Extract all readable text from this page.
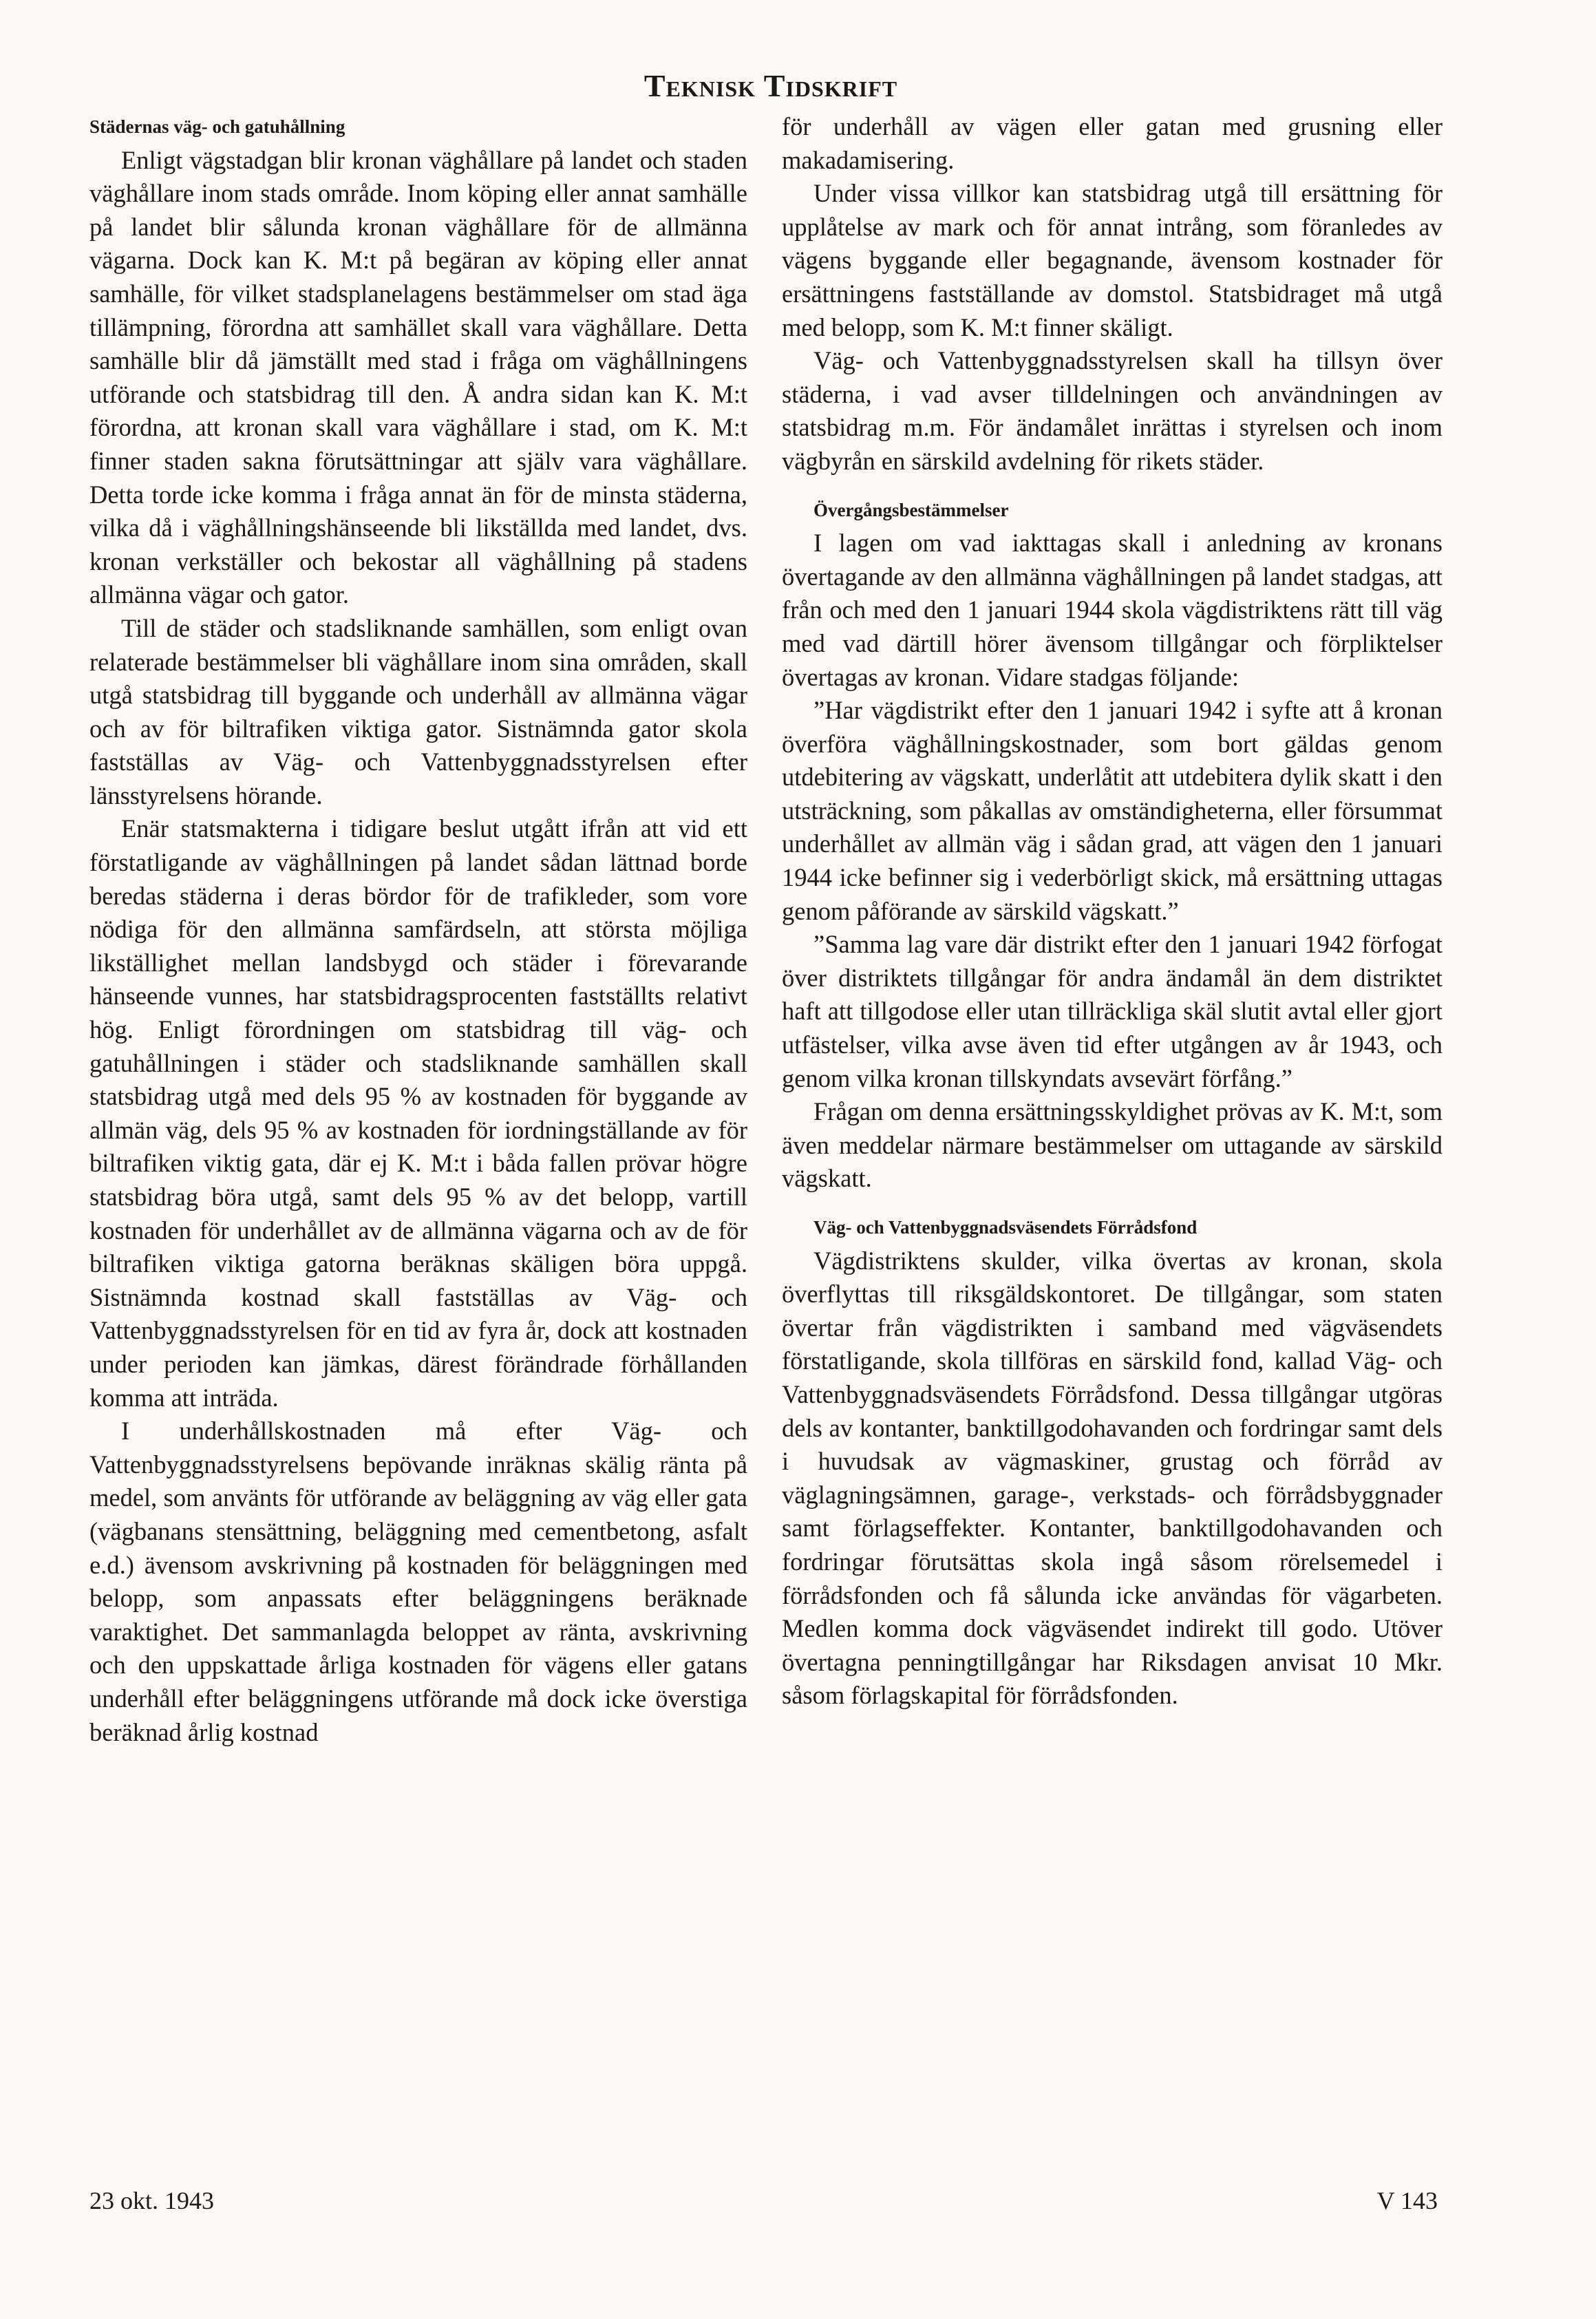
Teknisk Tidskrift
Städernas väg- och gatuhållning

Enligt vägstadgan blir kronan väghållare på landet och staden väghållare inom stads område. Inom köping eller annat samhälle på landet blir sålunda kronan väghållare för de allmänna vägarna. Dock kan K. M:t på begäran av köping eller annat samhälle, för vilket stadsplanelagens bestämmelser om stad äga tillämpning, förordna att samhället skall vara väghållare. Detta samhälle blir då jämställt med stad i fråga om väghållningens utförande och statsbidrag till den. Å andra sidan kan K. M:t förordna, att kronan skall vara väghållare i stad, om K. M:t finner staden sakna förutsättningar att själv vara väghållare. Detta torde icke komma i fråga annat än för de minsta städerna, vilka då i väghållningshänseende bli likställda med landet, dvs. kronan verkställer och bekostar all väghållning på stadens allmänna vägar och gator.

Till de städer och stadsliknande samhällen, som enligt ovan relaterade bestämmelser bli väghållare inom sina områden, skall utgå statsbidrag till byggande och underhåll av allmänna vägar och av för biltrafiken viktiga gator. Sistnämnda gator skola fastställas av Väg- och Vattenbyggnadsstyrelsen efter länsstyrelsens hörande.

Enär statsmakterna i tidigare beslut utgått ifrån att vid ett förstatligande av väghållningen på landet sådan lättnad borde beredas städerna i deras bördor för de trafikleder, som vore nödiga för den allmänna samfärdseln, att största möjliga likställighet mellan landsbygd och städer i förevarande hänseende vunnes, har statsbidragsprocenten fastställts relativt hög. Enligt förordningen om statsbidrag till väg- och gatuhållningen i städer och stadsliknande samhällen skall statsbidrag utgå med dels 95 % av kostnaden för byggande av allmän väg, dels 95 % av kostnaden för iordningställande av för biltrafiken viktig gata, där ej K. M:t i båda fallen prövar högre statsbidrag böra utgå, samt dels 95 % av det belopp, vartill kostnaden för underhållet av de allmänna vägarna och av de för biltrafiken viktiga gatorna beräknas skäligen böra uppgå. Sistnämnda kostnad skall fastställas av Väg- och Vattenbyggnadsstyrelsen för en tid av fyra år, dock att kostnaden under perioden kan jämkas, därest förändrade förhållanden komma att inträda.

I underhållskostnaden må efter Väg- och Vattenbyggnadsstyrelsens bepövande inräknas skälig ränta på medel, som använts för utförande av beläggning av väg eller gata (vägbanans stensättning, beläggning med cementbetong, asfalt e.d.) ävensom avskrivning på kostnaden för beläggningen med belopp, som anpassats efter beläggningens beräknade varaktighet. Det sammanlagda beloppet av ränta, avskrivning och den uppskattade årliga kostnaden för vägens eller gatans underhåll efter beläggningens utförande må dock icke överstiga beräknad årlig kostnad

för underhåll av vägen eller gatan med grusning eller makadamisering.

Under vissa villkor kan statsbidrag utgå till ersättning för upplåtelse av mark och för annat intrång, som föranledes av vägens byggande eller begagnande, ävensom kostnader för ersättningens fastställande av domstol. Statsbidraget må utgå med belopp, som K. M:t finner skäligt.

Väg- och Vattenbyggnadsstyrelsen skall ha tillsyn över städerna, i vad avser tilldelningen och användningen av statsbidrag m.m. För ändamålet inrättas i styrelsen och inom vägbyrån en särskild avdelning för rikets städer.

Övergångsbestämmelser

I lagen om vad iakttagas skall i anledning av kronans övertagande av den allmänna väghållningen på landet stadgas, att från och med den 1 januari 1944 skola vägdistriktens rätt till väg med vad därtill hörer ävensom tillgångar och förpliktelser övertagas av kronan. Vidare stadgas följande:

”Har vägdistrikt efter den 1 januari 1942 i syfte att å kronan överföra väghållningskostnader, som bort gäldas genom utdebitering av vägskatt, underlåtit att utdebitera dylik skatt i den utsträckning, som påkallas av omständigheterna, eller försummat underhållet av allmän väg i sådan grad, att vägen den 1 januari 1944 icke befinner sig i vederbörligt skick, må ersättning uttagas genom påförande av särskild vägskatt.”

”Samma lag vare där distrikt efter den 1 januari 1942 förfogat över distriktets tillgångar för andra ändamål än dem distriktet haft att tillgodose eller utan tillräckliga skäl slutit avtal eller gjort utfästelser, vilka avse även tid efter utgången av år 1943, och genom vilka kronan tillskyndats avsevärt förfång.”

Frågan om denna ersättningsskyldighet prövas av K. M:t, som även meddelar närmare bestämmelser om uttagande av särskild vägskatt.

Väg- och Vattenbyggnadsväsendets Förrådsfond

Vägdistriktens skulder, vilka övertas av kronan, skola överflyttas till riksgäldskontoret. De tillgångar, som staten övertar från vägdistrikten i samband med vägväsendets förstatligande, skola tillföras en särskild fond, kallad Väg- och Vattenbyggnadsväsendets Förrådsfond. Dessa tillgångar utgöras dels av kontanter, banktillgodohavanden och fordringar samt dels i huvudsak av vägmaskiner, grustag och förråd av väglagningsämnen, garage-, verkstads- och förrådsbyggnader samt förlagseffekter. Kontanter, banktillgodohavanden och fordringar förutsättas skola ingå såsom rörelsemedel i förrådsfonden och få sålunda icke användas för vägarbeten. Medlen komma dock vägväsendet indirekt till godo. Utöver övertagna penningtillgångar har Riksdagen anvisat 10 Mkr. såsom förlagskapital för förrådsfonden.

23 okt. 1943	V 143
